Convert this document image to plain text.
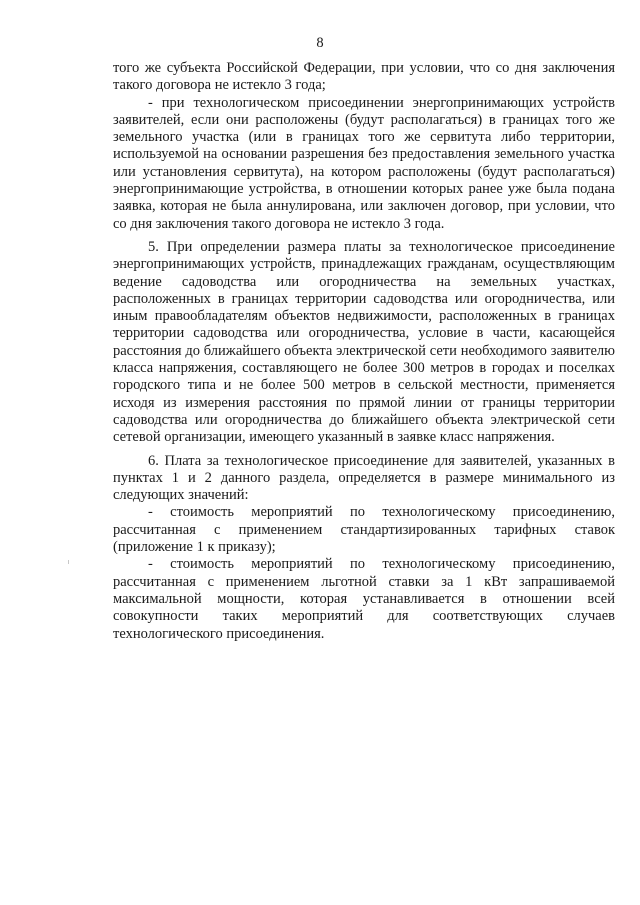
8

того же субъекта Российской Федерации, при условии, что со дня заключения такого договора не истекло 3 года;

- при технологическом присоединении энергопринимающих устройств заявителей, если они расположены (будут располагаться) в границах того же земельного участка (или в границах того же сервитута либо территории, используемой на основании разрешения без предоставления земельного участка или установления сервитута), на котором расположены (будут располагаться) энергопринимающие устройства, в отношении которых ранее уже была подана заявка, которая не была аннулирована, или заключен договор, при условии, что со дня заключения такого договора не истекло 3 года.

5. При определении размера платы за технологическое присоединение энергопринимающих устройств, принадлежащих гражданам, осуществляющим ведение садоводства или огородничества на земельных участках, расположенных в границах территории садоводства или огородничества, или иным правообладателям объектов недвижимости, расположенных в границах территории садоводства или огородничества, условие в части, касающейся расстояния до ближайшего объекта электрической сети необходимого заявителю класса напряжения, составляющего не более 300 метров в городах и поселках городского типа и не более 500 метров в сельской местности, применяется исходя из измерения расстояния по прямой линии от границы территории садоводства или огородничества до ближайшего объекта электрической сети сетевой организации, имеющего указанный в заявке класс напряжения.

6. Плата за технологическое присоединение для заявителей, указанных в пунктах 1 и 2 данного раздела, определяется в размере минимального из следующих значений:

- стоимость мероприятий по технологическому присоединению, рассчитанная с применением стандартизированных тарифных ставок (приложение 1 к приказу);

- стоимость мероприятий по технологическому присоединению, рассчитанная с применением льготной ставки за 1 кВт запрашиваемой максимальной мощности, которая устанавливается в отношении всей совокупности таких мероприятий для соответствующих случаев технологического присоединения.
